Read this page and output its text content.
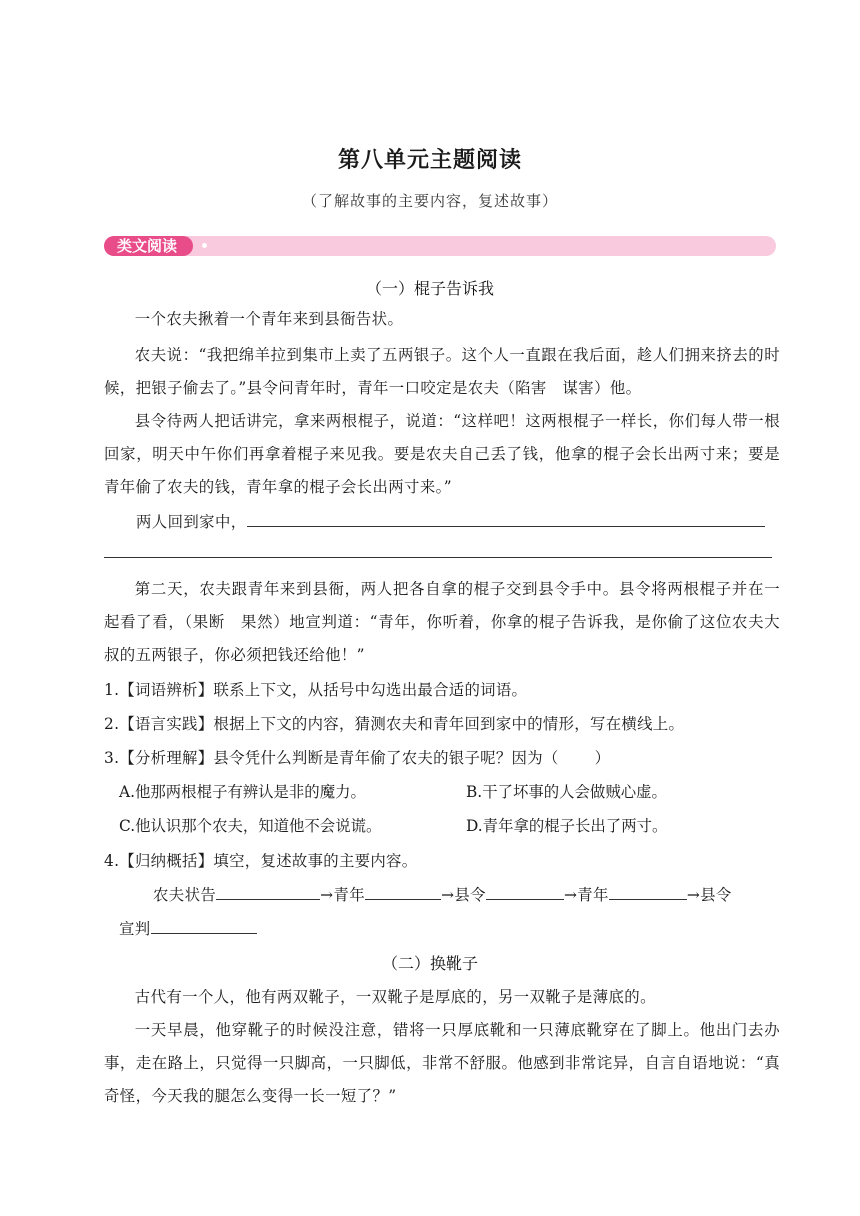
第八单元主题阅读
（了解故事的主要内容，复述故事）
类文阅读
（一）棍子告诉我

一个农夫揪着一个青年来到县衙告状。

农夫说：“我把绵羊拉到集市上卖了五两银子。这个人一直跟在我后面，趁人们拥来挤去的时候，把银子偷去了。”县令问青年时，青年一口咬定是农夫（陷害　谋害）他。

县令待两人把话讲完，拿来两根棍子，说道：“这样吧！这两根棍子一样长，你们每人带一根回家，明天中午你们再拿着棍子来见我。要是农夫自己丢了钱，他拿的棍子会长出两寸来；要是青年偷了农夫的钱，青年拿的棍子会长出两寸来。”

两人回到家中，

第二天，农夫跟青年来到县衙，两人把各自拿的棍子交到县令手中。县令将两根棍子并在一起看了看，（果断　果然）地宣判道：“青年，你听着，你拿的棍子告诉我，是你偷了这位农夫大叔的五两银子，你必须把钱还给他！”

1.【词语辨析】联系上下文，从括号中勾选出最合适的词语。

2.【语言实践】根据上下文的内容，猜测农夫和青年回到家中的情形，写在横线上。

3.【分析理解】县令凭什么判断是青年偷了农夫的银子呢？因为（ ）

A.他那两根棍子有辨认是非的魔力。	B.干了坏事的人会做贼心虚。

C.他认识那个农夫，知道他不会说谎。	D.青年拿的棍子长出了两寸。

4.【归纳概括】填空，复述故事的主要内容。

农夫状告	→青年	→县令	→青年	→县令

宣判

（二）换靴子

古代有一个人，他有两双靴子，一双靴子是厚底的，另一双靴子是薄底的。

一天早晨，他穿靴子的时候没注意，错将一只厚底靴和一只薄底靴穿在了脚上。他出门去办事，走在路上，只觉得一只脚高，一只脚低，非常不舒服。他感到非常诧异，自言自语地说：“真奇怪，今天我的腿怎么变得一长一短了？”
